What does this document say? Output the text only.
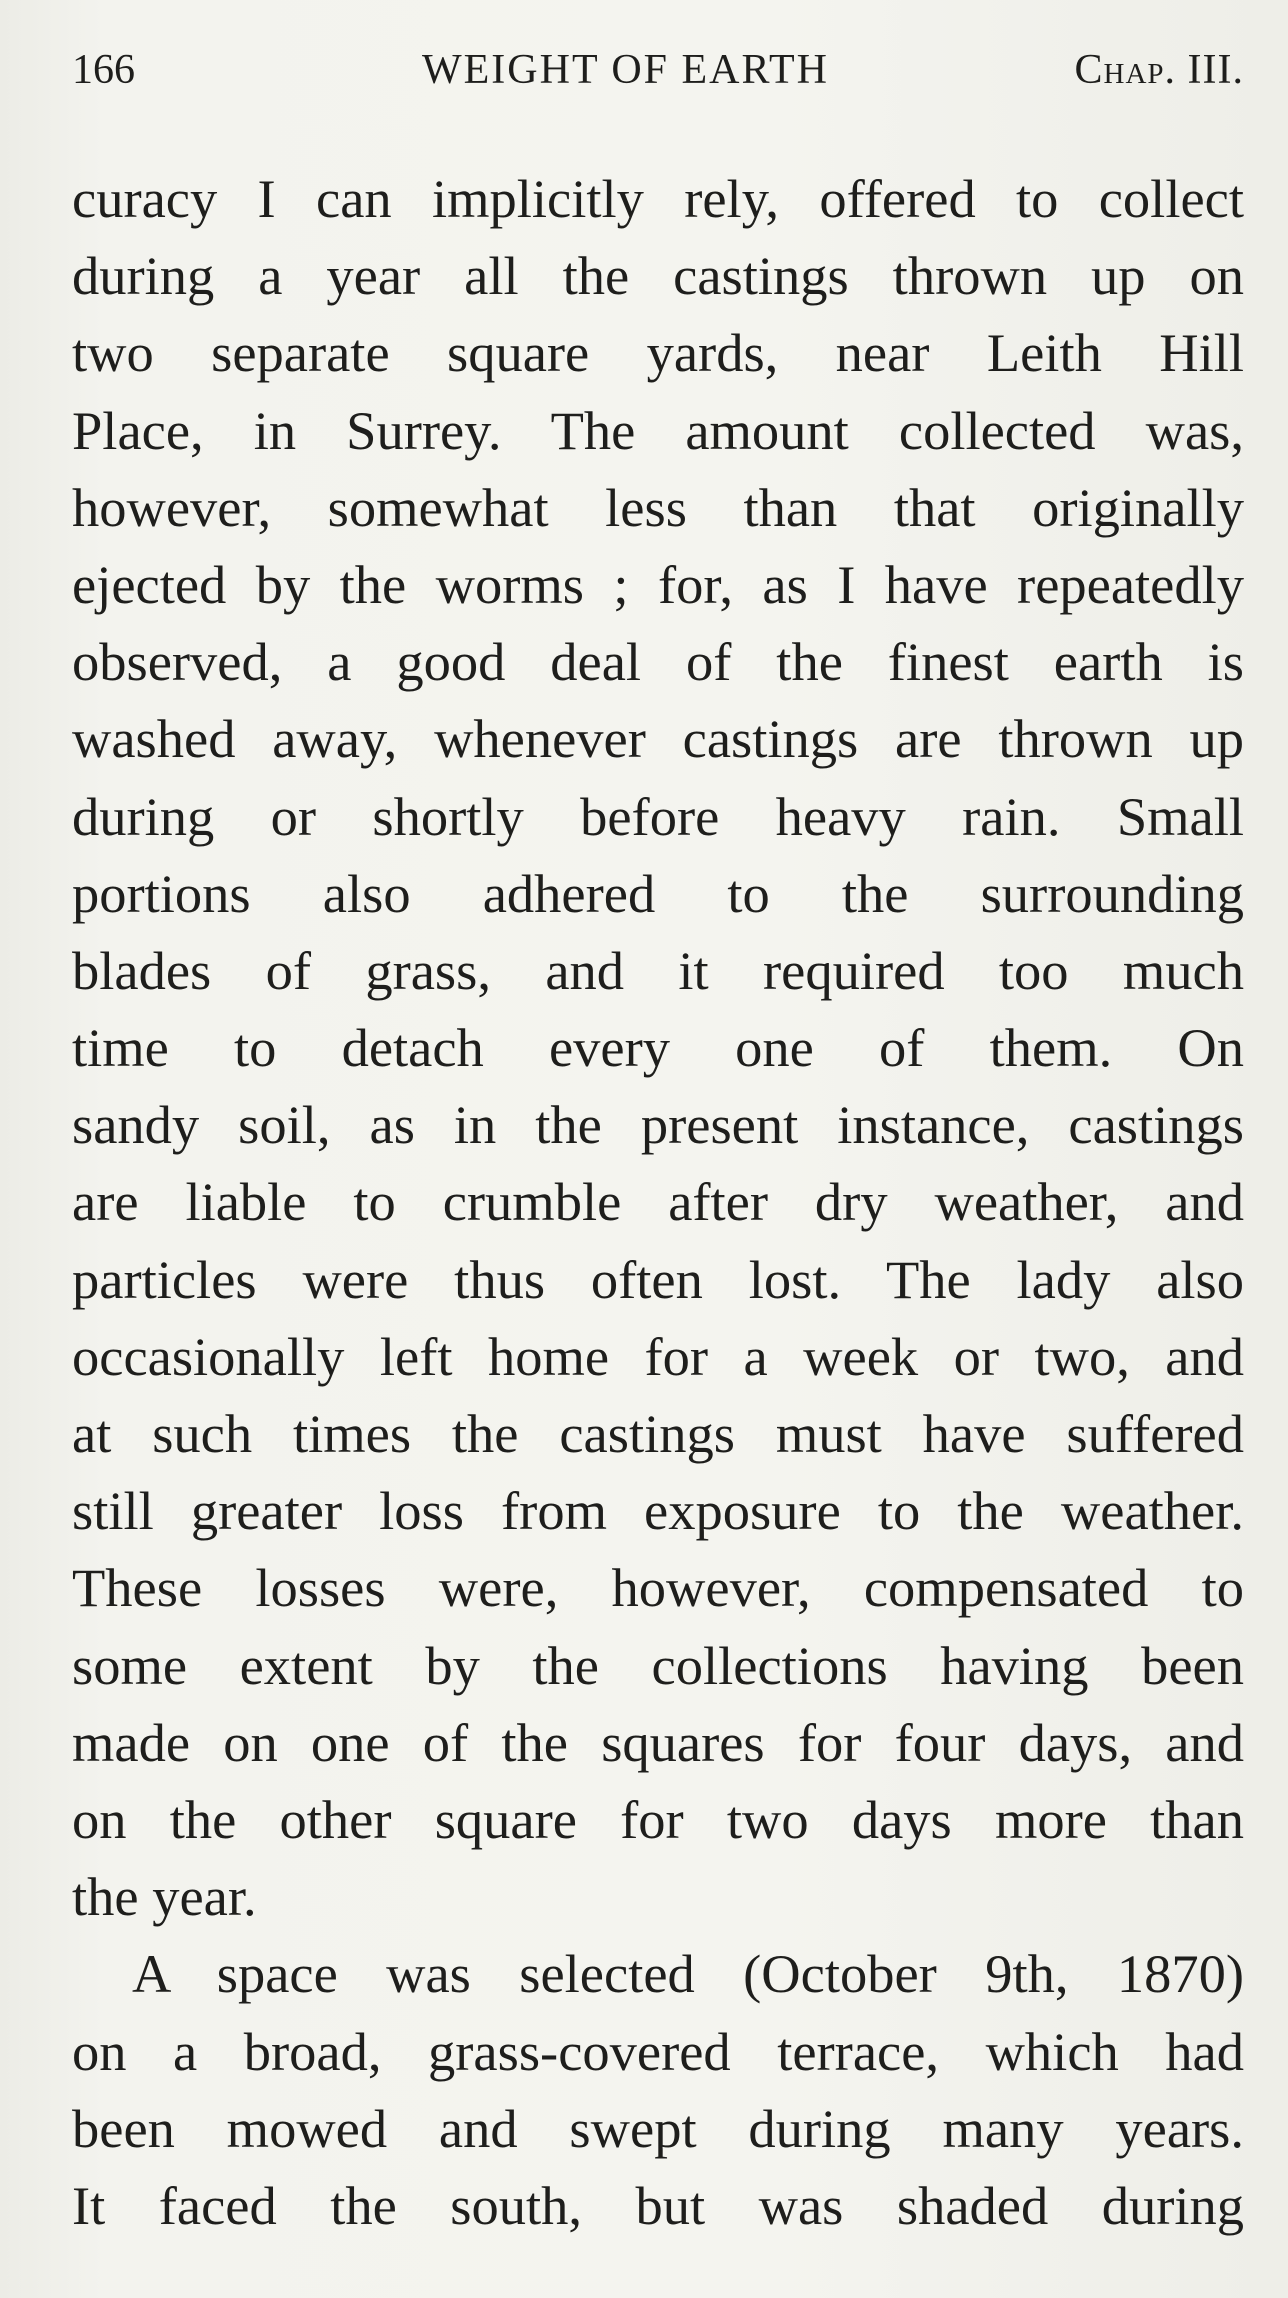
166	WEIGHT OF EARTH	Chap. III.
curacy I can implicitly rely, offered to collect
during a year all the castings thrown up on
two separate square yards, near Leith Hill
Place, in Surrey. The amount collected was,
however, somewhat less than that originally
ejected by the worms ; for, as I have repeatedly
observed, a good deal of the finest earth is
washed away, whenever castings are thrown up
during or shortly before heavy rain. Small
portions also adhered to the surrounding
blades of grass, and it required too much
time to detach every one of them. On
sandy soil, as in the present instance, castings
are liable to crumble after dry weather, and
particles were thus often lost. The lady also
occasionally left home for a week or two, and
at such times the castings must have suffered
still greater loss from exposure to the weather.
These losses were, however, compensated to
some extent by the collections having been
made on one of the squares for four days, and
on the other square for two days more than
the year.
A space was selected (October 9th, 1870)
on a broad, grass-covered terrace, which had
been mowed and swept during many years.
It faced the south, but was shaded during
